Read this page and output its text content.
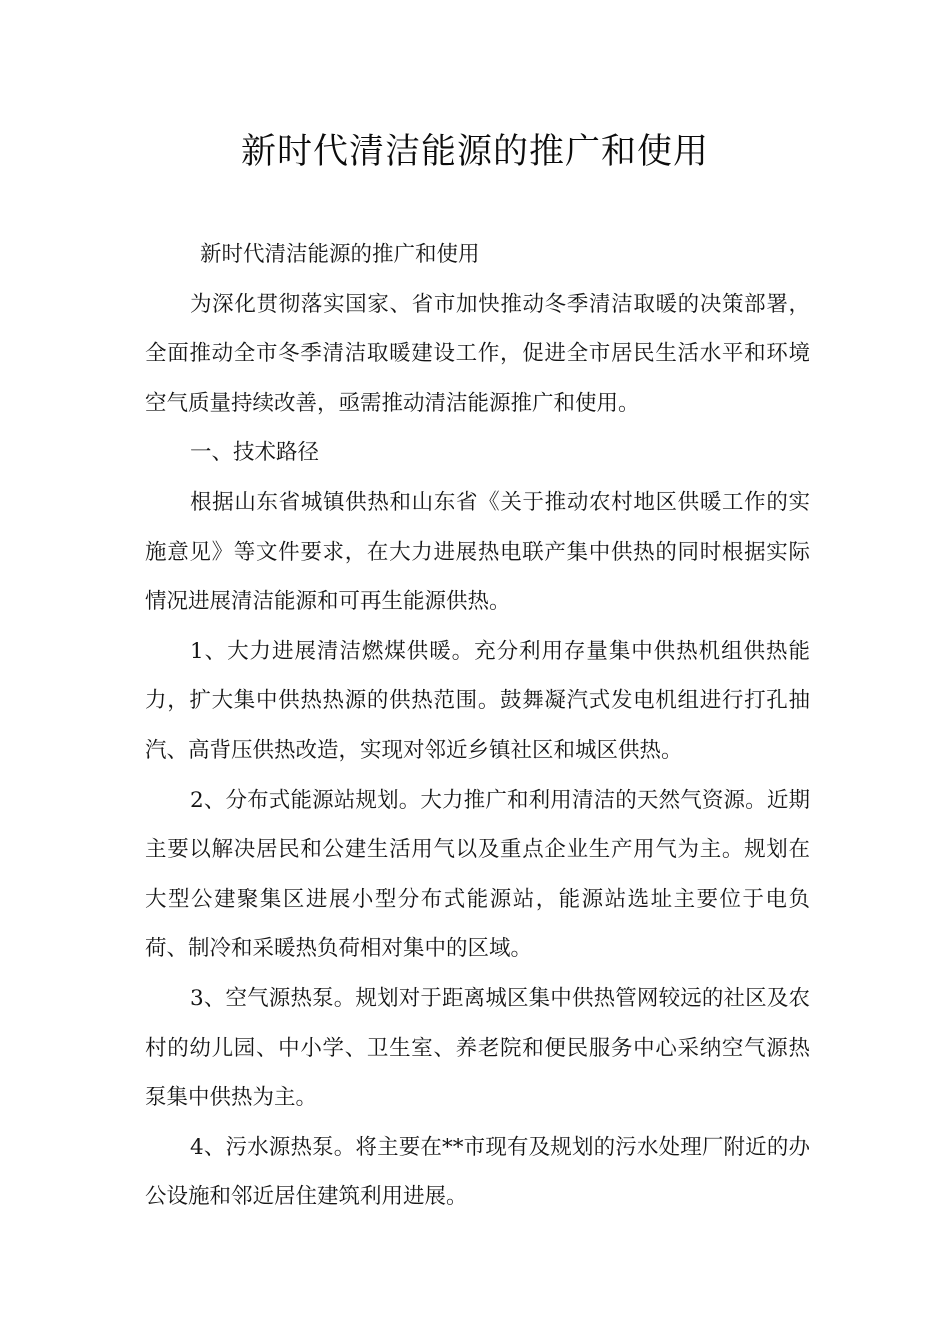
新时代清洁能源的推广和使用

新时代清洁能源的推广和使用

为深化贯彻落实国家、省市加快推动冬季清洁取暖的决策部署，全面推动全市冬季清洁取暖建设工作，促进全市居民生活水平和环境空气质量持续改善，亟需推动清洁能源推广和使用。

一、技术路径

根据山东省城镇供热和山东省《关于推动农村地区供暖工作的实施意见》等文件要求，在大力进展热电联产集中供热的同时根据实际情况进展清洁能源和可再生能源供热。

1、大力进展清洁燃煤供暖。充分利用存量集中供热机组供热能力，扩大集中供热热源的供热范围。鼓舞凝汽式发电机组进行打孔抽汽、高背压供热改造，实现对邻近乡镇社区和城区供热。

2、分布式能源站规划。大力推广和利用清洁的天然气资源。近期主要以解决居民和公建生活用气以及重点企业生产用气为主。规划在大型公建聚集区进展小型分布式能源站，能源站选址主要位于电负荷、制冷和采暖热负荷相对集中的区域。

3、空气源热泵。规划对于距离城区集中供热管网较远的社区及农村的幼儿园、中小学、卫生室、养老院和便民服务中心采纳空气源热泵集中供热为主。

4、污水源热泵。将主要在**市现有及规划的污水处理厂附近的办公设施和邻近居住建筑利用进展。
